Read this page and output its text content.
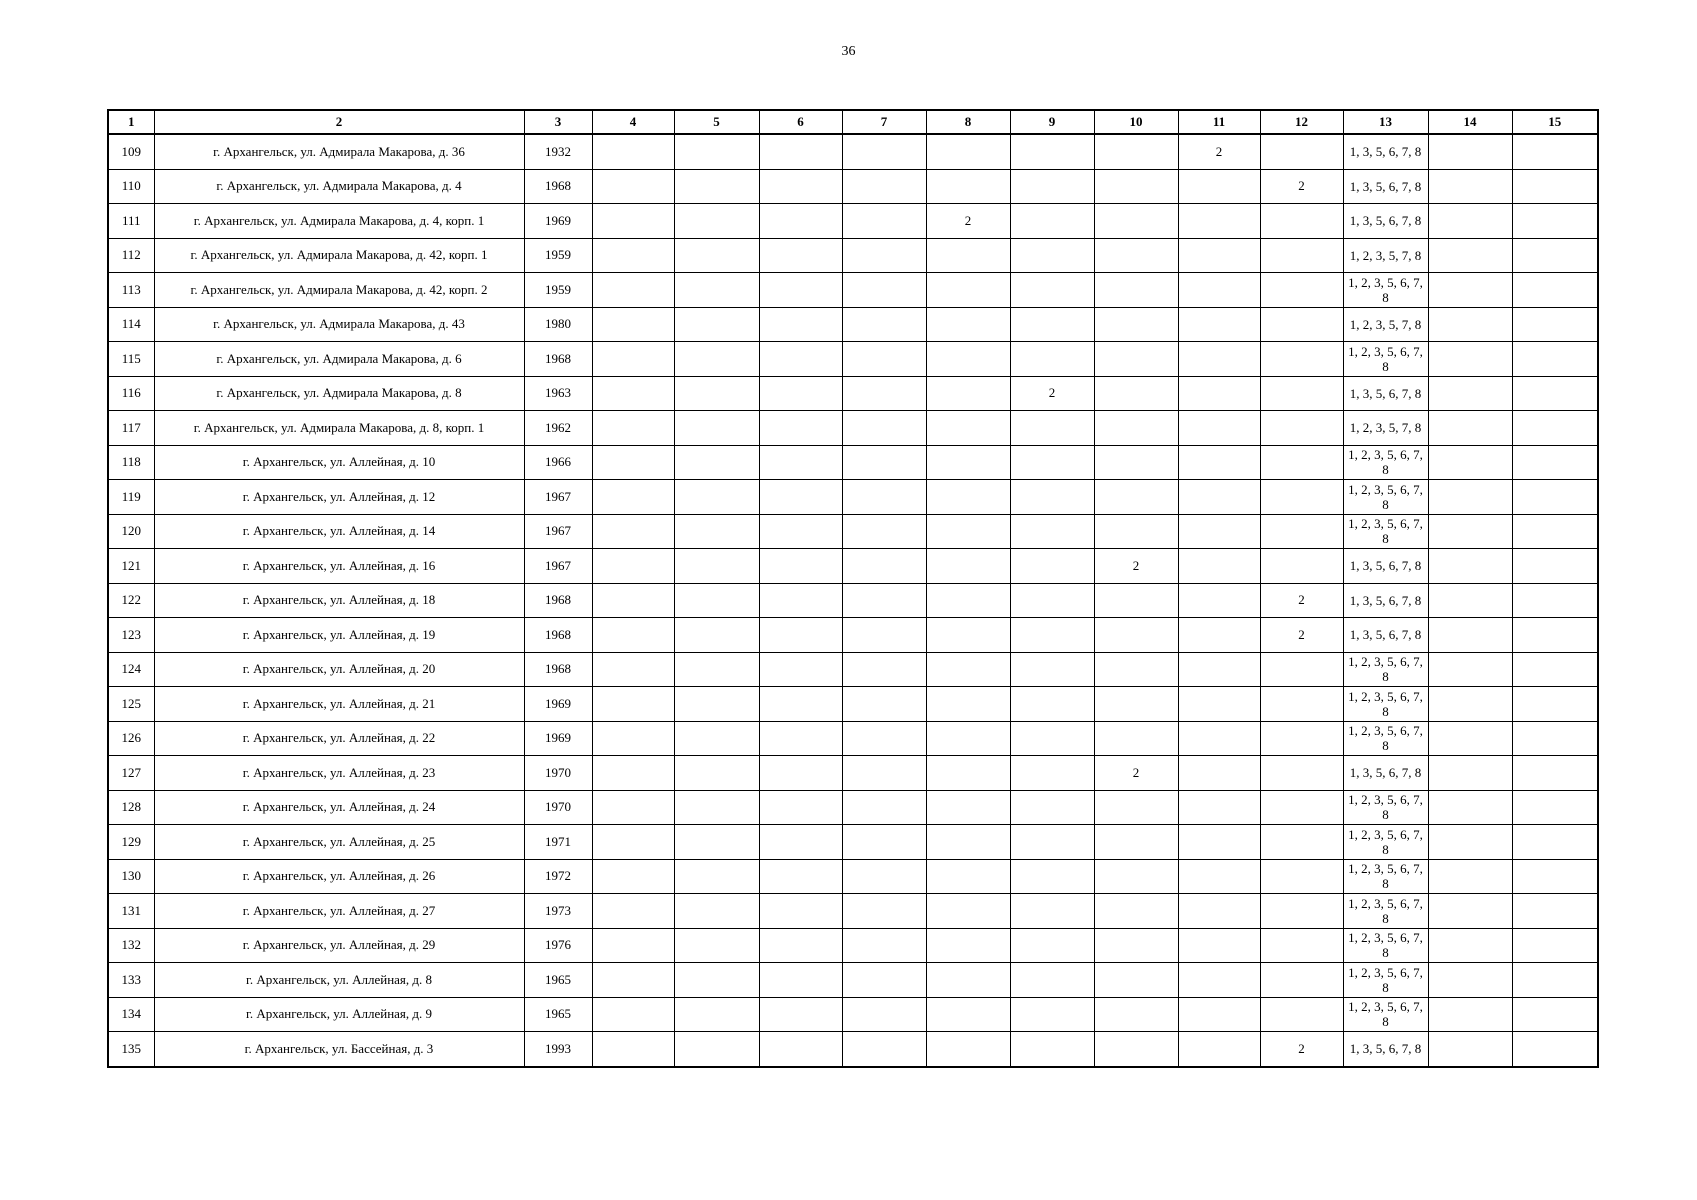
36
1	2	3	4	5	6	7	8	9	10	11	12	13	14	15
109	г. Архангельск, ул. Адмирала Макарова, д. 36	1932								2		1, 3, 5, 6, 7, 8		
110	г. Архангельск, ул. Адмирала Макарова, д. 4	1968									2	1, 3, 5, 6, 7, 8		
111	г. Архангельск, ул. Адмирала Макарова, д. 4, корп. 1	1969					2					1, 3, 5, 6, 7, 8		
112	г. Архангельск, ул. Адмирала Макарова, д. 42, корп. 1	1959										1, 2, 3, 5, 7, 8		
113	г. Архангельск, ул. Адмирала Макарова, д. 42, корп. 2	1959										1, 2, 3, 5, 6, 7, 8		
114	г. Архангельск, ул. Адмирала Макарова, д. 43	1980										1, 2, 3, 5, 7, 8		
115	г. Архангельск, ул. Адмирала Макарова, д. 6	1968										1, 2, 3, 5, 6, 7, 8		
116	г. Архангельск, ул. Адмирала Макарова, д. 8	1963						2				1, 3, 5, 6, 7, 8		
117	г. Архангельск, ул. Адмирала Макарова, д. 8, корп. 1	1962										1, 2, 3, 5, 7, 8		
118	г. Архангельск, ул. Аллейная, д. 10	1966										1, 2, 3, 5, 6, 7, 8		
119	г. Архангельск, ул. Аллейная, д. 12	1967										1, 2, 3, 5, 6, 7, 8		
120	г. Архангельск, ул. Аллейная, д. 14	1967										1, 2, 3, 5, 6, 7, 8		
121	г. Архангельск, ул. Аллейная, д. 16	1967							2			1, 3, 5, 6, 7, 8		
122	г. Архангельск, ул. Аллейная, д. 18	1968									2	1, 3, 5, 6, 7, 8		
123	г. Архангельск, ул. Аллейная, д. 19	1968									2	1, 3, 5, 6, 7, 8		
124	г. Архангельск, ул. Аллейная, д. 20	1968										1, 2, 3, 5, 6, 7, 8		
125	г. Архангельск, ул. Аллейная, д. 21	1969										1, 2, 3, 5, 6, 7, 8		
126	г. Архангельск, ул. Аллейная, д. 22	1969										1, 2, 3, 5, 6, 7, 8		
127	г. Архангельск, ул. Аллейная, д. 23	1970							2			1, 3, 5, 6, 7, 8		
128	г. Архангельск, ул. Аллейная, д. 24	1970										1, 2, 3, 5, 6, 7, 8		
129	г. Архангельск, ул. Аллейная, д. 25	1971										1, 2, 3, 5, 6, 7, 8		
130	г. Архангельск, ул. Аллейная, д. 26	1972										1, 2, 3, 5, 6, 7, 8		
131	г. Архангельск, ул. Аллейная, д. 27	1973										1, 2, 3, 5, 6, 7, 8		
132	г. Архангельск, ул. Аллейная, д. 29	1976										1, 2, 3, 5, 6, 7, 8		
133	г. Архангельск, ул. Аллейная, д. 8	1965										1, 2, 3, 5, 6, 7, 8		
134	г. Архангельск, ул. Аллейная, д. 9	1965										1, 2, 3, 5, 6, 7, 8		
135	г. Архангельск, ул. Бассейная, д. 3	1993									2	1, 3, 5, 6, 7, 8		
